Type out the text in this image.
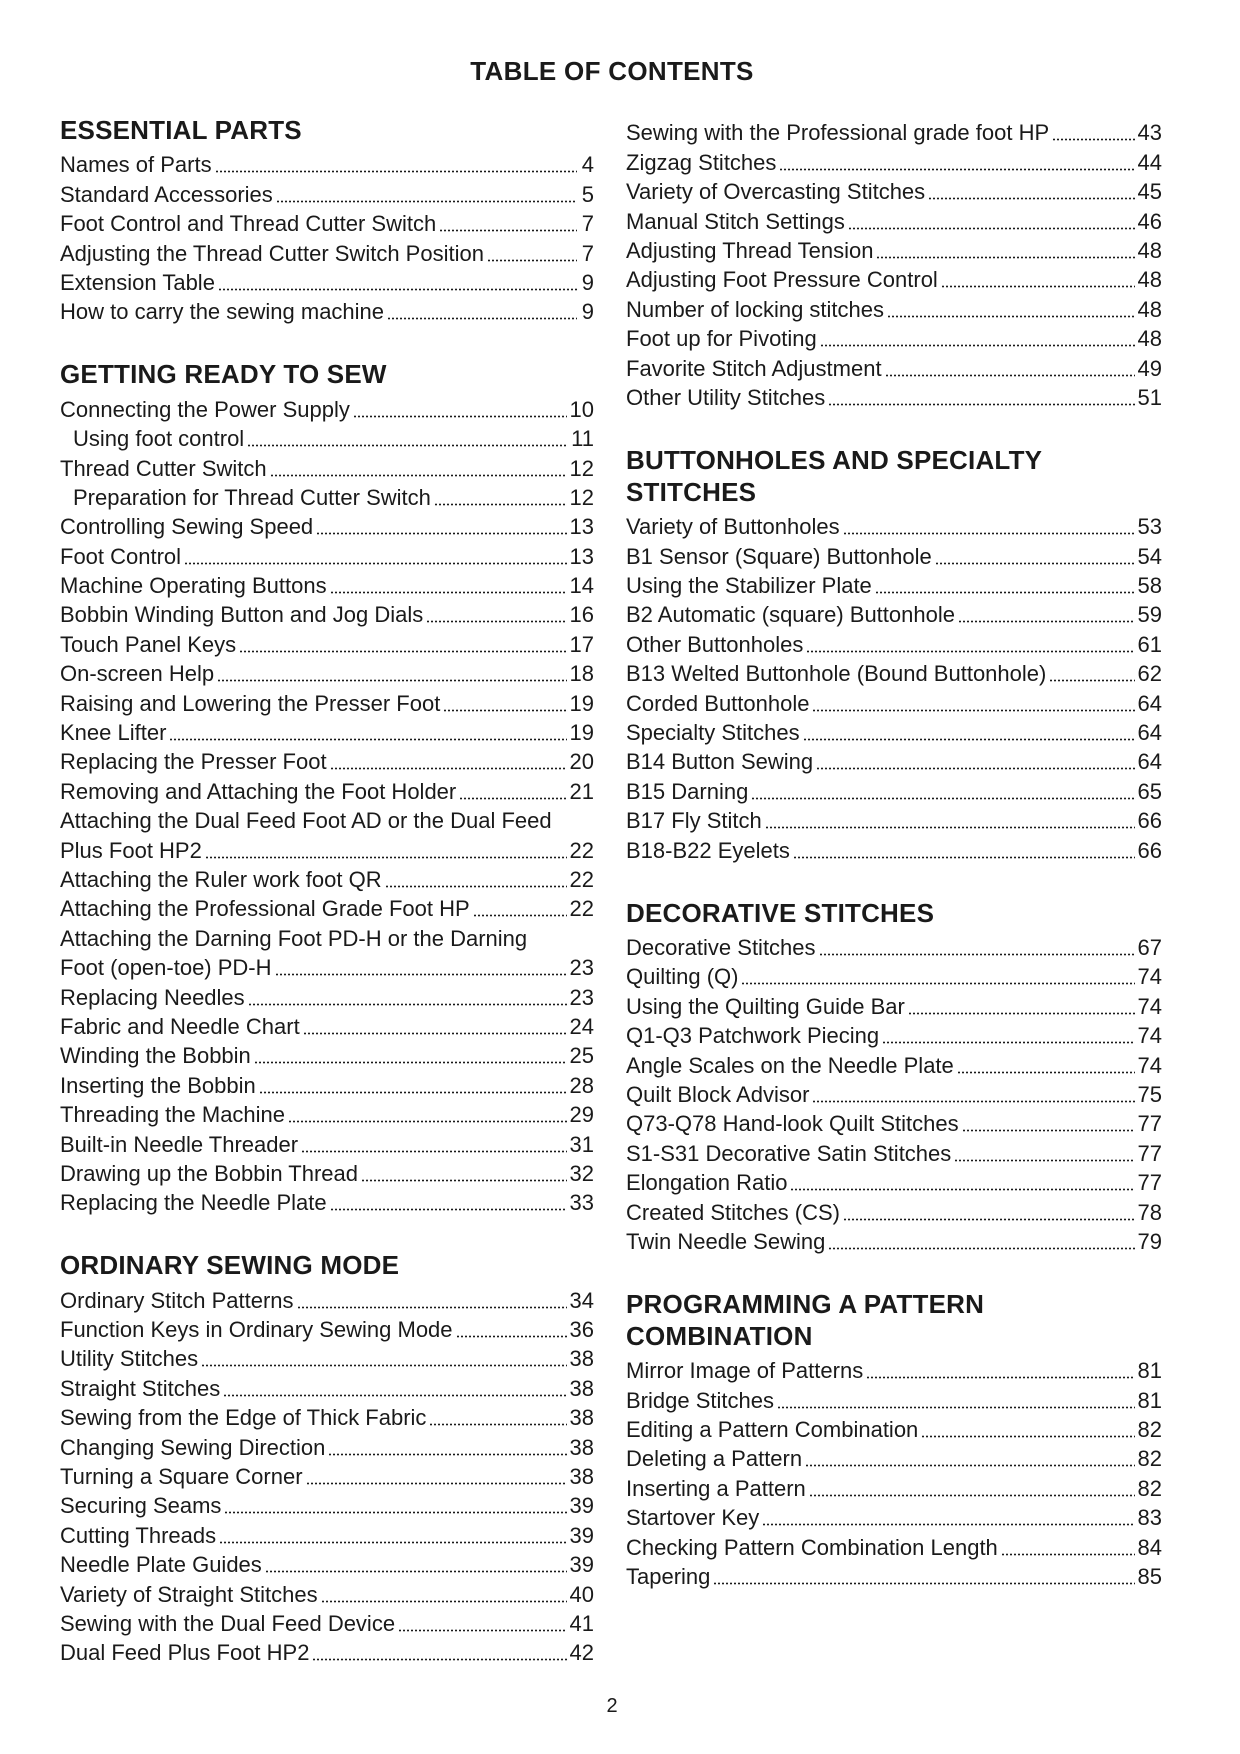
TABLE OF CONTENTS
ESSENTIAL PARTS
Names of Parts	4
Standard Accessories	5
Foot Control and Thread Cutter Switch	7
Adjusting the Thread Cutter Switch Position	7
Extension Table	9
How to carry the sewing machine	9
GETTING READY TO SEW
Connecting the Power Supply	10
Using foot control	11
Thread Cutter Switch	12
Preparation for Thread Cutter Switch	12
Controlling Sewing Speed	13
Foot Control	13
Machine Operating Buttons	14
Bobbin Winding Button and Jog Dials	16
Touch Panel Keys	17
On-screen Help	18
Raising and Lowering the Presser Foot	19
Knee Lifter	19
Replacing the Presser Foot	20
Removing and Attaching the Foot Holder	21
Attaching the Dual Feed Foot AD or the Dual Feed
Plus Foot HP2	22
Attaching the Ruler work foot QR	22
Attaching the Professional Grade Foot HP	22
Attaching the Darning Foot PD-H or the Darning
Foot (open-toe) PD-H	23
Replacing Needles	23
Fabric and Needle Chart	24
Winding the Bobbin	25
Inserting the Bobbin	28
Threading the Machine	29
Built-in Needle Threader	31
Drawing up the Bobbin Thread	32
Replacing the Needle Plate	33
ORDINARY SEWING MODE
Ordinary Stitch Patterns	34
Function Keys in Ordinary Sewing Mode	36
Utility Stitches	38
Straight Stitches	38
Sewing from the Edge of Thick Fabric	38
Changing Sewing Direction	38
Turning a Square Corner	38
Securing Seams	39
Cutting Threads	39
Needle Plate Guides	39
Variety of Straight Stitches	40
Sewing with the Dual Feed Device	41
Dual Feed Plus Foot HP2	42
Sewing with the Professional grade foot HP	43
Zigzag Stitches	44
Variety of Overcasting Stitches	45
Manual Stitch Settings	46
Adjusting Thread Tension	48
Adjusting Foot Pressure Control	48
Number of locking stitches	48
Foot up for Pivoting	48
Favorite Stitch Adjustment	49
Other Utility Stitches	51
BUTTONHOLES AND SPECIALTY
STITCHES
Variety of Buttonholes	53
B1 Sensor (Square) Buttonhole	54
Using the Stabilizer Plate	58
B2 Automatic (square) Buttonhole	59
Other Buttonholes	61
B13 Welted Buttonhole (Bound Buttonhole)	62
Corded Buttonhole	64
Specialty Stitches	64
B14 Button Sewing	64
B15 Darning	65
B17 Fly Stitch	66
B18-B22 Eyelets	66
DECORATIVE STITCHES
Decorative Stitches	67
Quilting (Q)	74
Using the Quilting Guide Bar	74
Q1-Q3 Patchwork Piecing	74
Angle Scales on the Needle Plate	74
Quilt Block Advisor	75
Q73-Q78 Hand-look Quilt Stitches	77
S1-S31 Decorative Satin Stitches	77
Elongation Ratio	77
Created Stitches (CS)	78
Twin Needle Sewing	79
PROGRAMMING A PATTERN
COMBINATION
Mirror Image of Patterns	81
Bridge Stitches	81
Editing a Pattern Combination	82
Deleting a Pattern	82
Inserting a Pattern	82
Startover Key	83
Checking Pattern Combination Length	84
Tapering	85
2
